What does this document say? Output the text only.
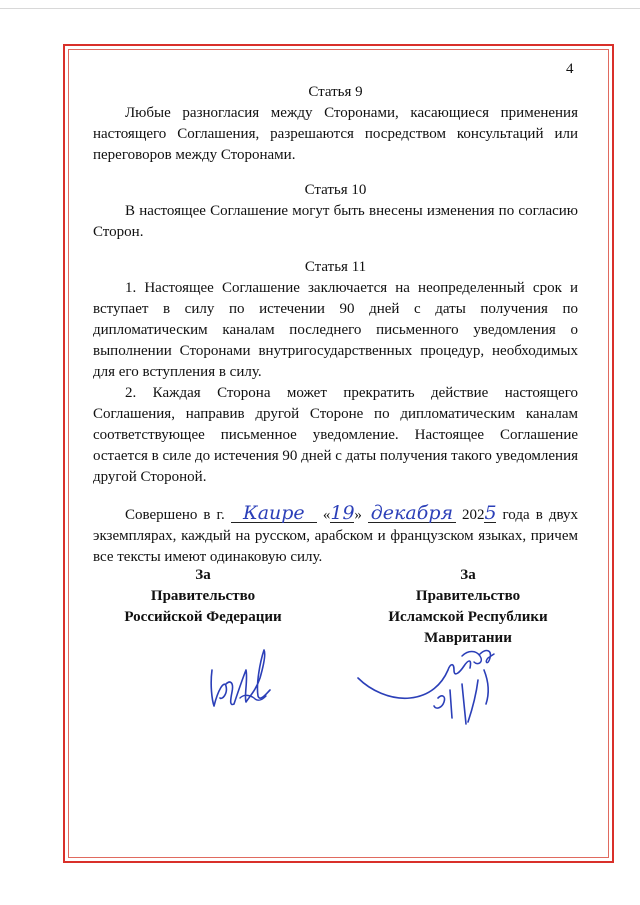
4
Статья 9

Любые разногласия между Сторонами, касающиеся применения настоящего Соглашения, разрешаются посредством консультаций или переговоров между Сторонами.

Статья 10

В настоящее Соглашение могут быть внесены изменения по согласию Сторон.

Статья 11

1. Настоящее Соглашение заключается на неопределенный срок и вступает в силу по истечении 90 дней с даты получения по дипломатическим каналам последнего письменного уведомления о выполнении Сторонами внутригосударственных процедур, необходимых для его вступления в силу.

2. Каждая Сторона может прекратить действие настоящего Соглашения, направив другой Стороне по дипломатическим каналам соответствующее письменное уведомление. Настоящее Соглашение остается в силе до истечения 90 дней с даты получения такого уведомления другой Стороной.

Совершено в г. Каире «19» декабря 2025 года в двух экземплярах, каждый на русском, арабском и французском языках, причем все тексты имеют одинаковую силу.

За
Правительство
Российской Федерации
За
Правительство
Исламской Республики
Мавритании
